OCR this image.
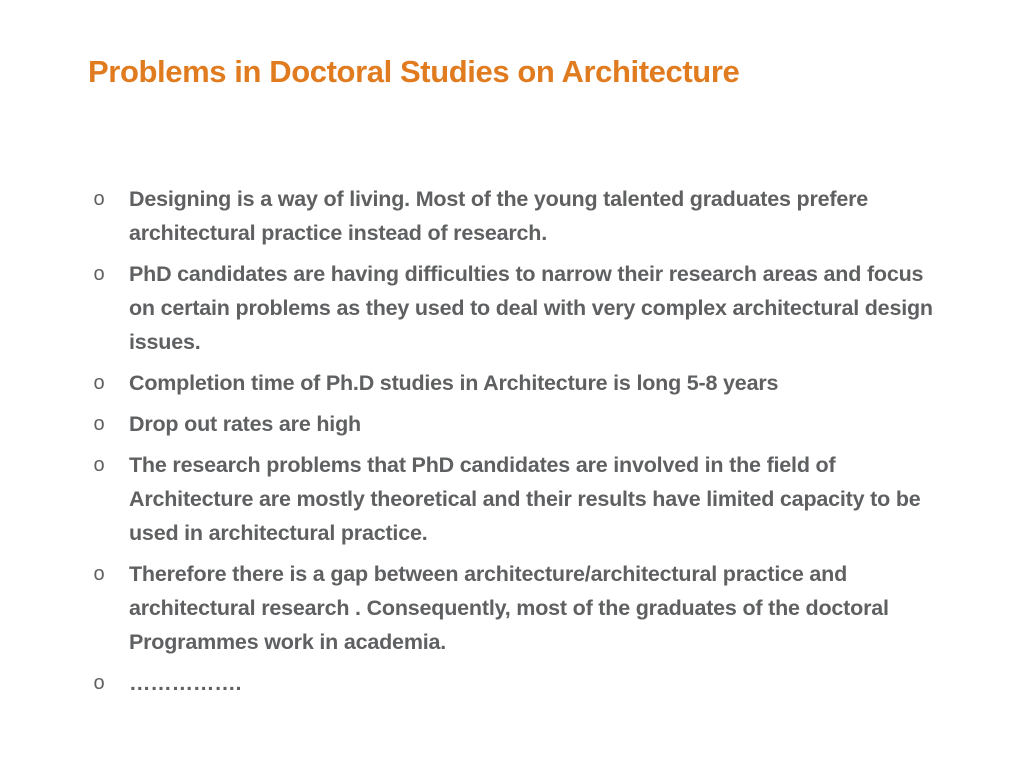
Problems in Doctoral Studies on Architecture
o Designing is a way of living. Most of the young talented graduates prefere architectural practice instead of research.
o PhD candidates are having difficulties to narrow their research areas and focus on certain problems as they used to deal with very complex architectural design issues.
o Completion time of Ph.D studies in Architecture is long 5-8 years
o Drop out rates are high
o The research problems that PhD candidates are involved in the field of Architecture are mostly theoretical and their results have limited capacity to be used in architectural practice.
o Therefore there is a gap between architecture/architectural practice and architectural research . Consequently, most of the graduates of the doctoral Programmes work in academia.
o …………….
